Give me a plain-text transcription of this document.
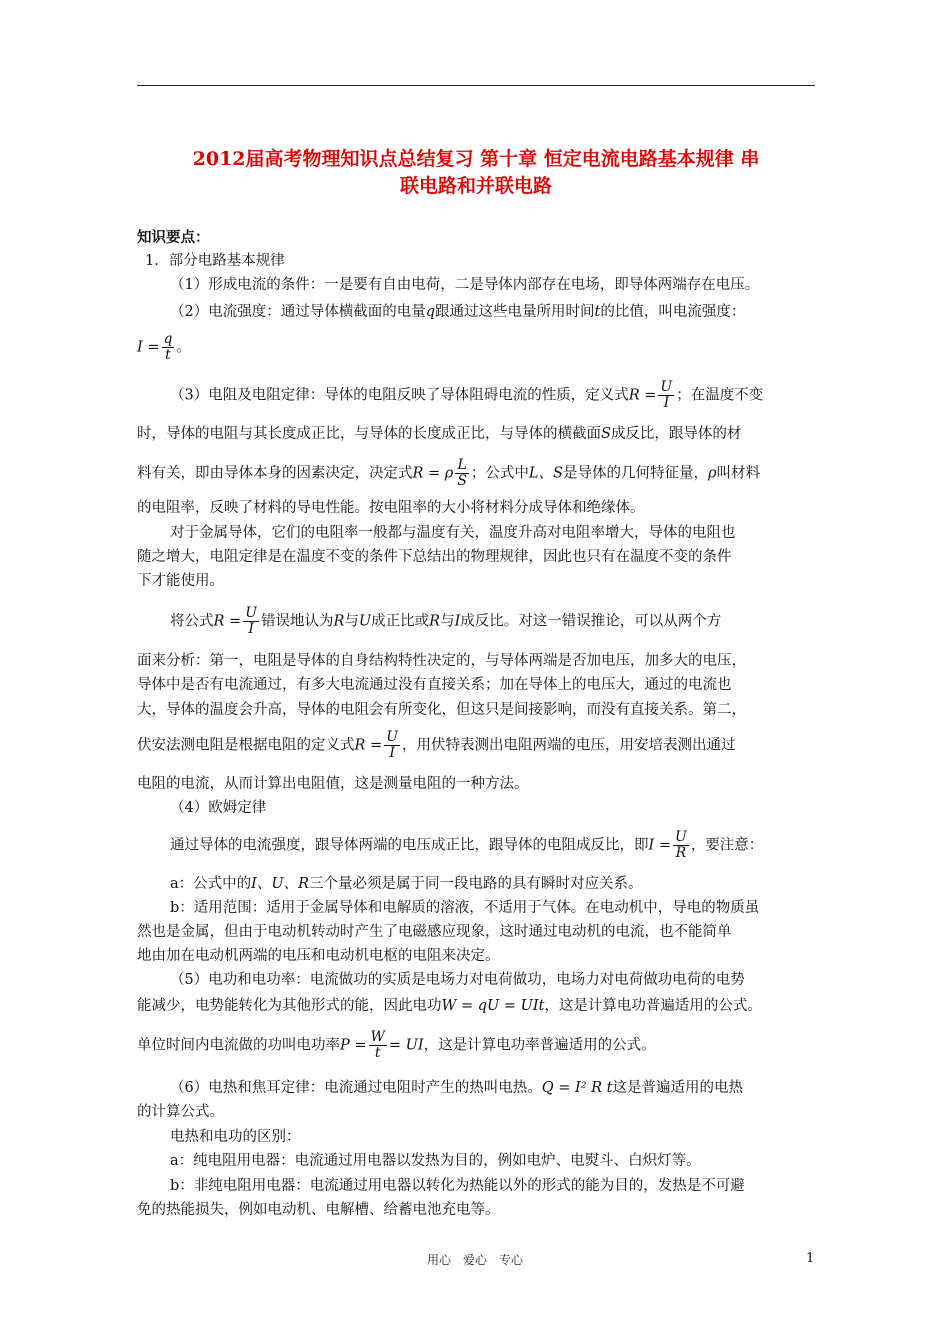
2012届高考物理知识点总结复习 第十章 恒定电流电路基本规律 串
联电路和并联电路
知识要点：
1．部分电路基本规律
（1）形成电流的条件：一是要有自由电荷，二是导体内部存在电场，即导体两端存在电压。
（2）电流强度：通过导体横截面的电量q跟通过这些电量所用时间t的比值，叫电流强度：
$I = \frac{q}{t}$ 。
（3）电阻及电阻定律：导体的电阻反映了导体阻碍电流的性质，定义式$R = \frac{U}{I}$ ；在温度不变
时，导体的电阻与其长度成正比，与导体的长度成正比，与导体的横截面S成反比，跟导体的材
料有关，即由导体本身的因素决定，决定式R = ρ $\frac{L}{S}$ ；公式中L、S是导体的几何特征量，ρ叫材料
的电阻率，反映了材料的导电性能。按电阻率的大小将材料分成导体和绝缘体。
对于金属导体，它们的电阻率一般都与温度有关，温度升高对电阻率增大，导体的电阻也
随之增大，电阻定律是在温度不变的条件下总结出的物理规律，因此也只有在温度不变的条件
下才能使用。
将公式$R = \frac{U}{I}$ 错误地认为R与U成正比或R与I成反比。对这一错误推论，可以从两个方
面来分析：第一，电阻是导体的自身结构特性决定的，与导体两端是否加电压，加多大的电压，
导体中是否有电流通过，有多大电流通过没有直接关系；加在导体上的电压大，通过的电流也
大，导体的温度会升高，导体的电阻会有所变化，但这只是间接影响，而没有直接关系。第二，
伏安法测电阻是根据电阻的定义式$R = \frac{U}{I}$ ，用伏特表测出电阻两端的电压，用安培表测出通过
电阻的电流，从而计算出电阻值，这是测量电阻的一种方法。
（4）欧姆定律
通过导体的电流强度，跟导体两端的电压成正比，跟导体的电阻成反比，即$I = \frac{U}{R}$ ，要注意：
a：公式中的I、U、R三个量必须是属于同一段电路的具有瞬时对应关系。
b：适用范围：适用于金属导体和电解质的溶液，不适用于气体。在电动机中，导电的物质虽
然也是金属，但由于电动机转动时产生了电磁感应现象，这时通过电动机的电流，也不能简单
地由加在电动机两端的电压和电动机电枢的电阻来决定。
（5）电功和电功率：电流做功的实质是电场力对电荷做功，电场力对电荷做功电荷的电势
能减少，电势能转化为其他形式的能，因此电功W = qU = UIt，这是计算电功普遍适用的公式。
单位时间内电流做的功叫电功率$P = \frac{W}{t}$ = UI，这是计算电功率普遍适用的公式。
（6）电热和焦耳定律：电流通过电阻时产生的热叫电热。Q = I² R t这是普遍适用的电热
的计算公式。
电热和电功的区别：
a：纯电阻用电器：电流通过用电器以发热为目的，例如电炉、电熨斗、白炽灯等。
b：非纯电阻用电器：电流通过用电器以转化为热能以外的形式的能为目的，发热是不可避
免的热能损失，例如电动机、电解槽、给蓄电池充电等。
用心　爱心　专心	1
